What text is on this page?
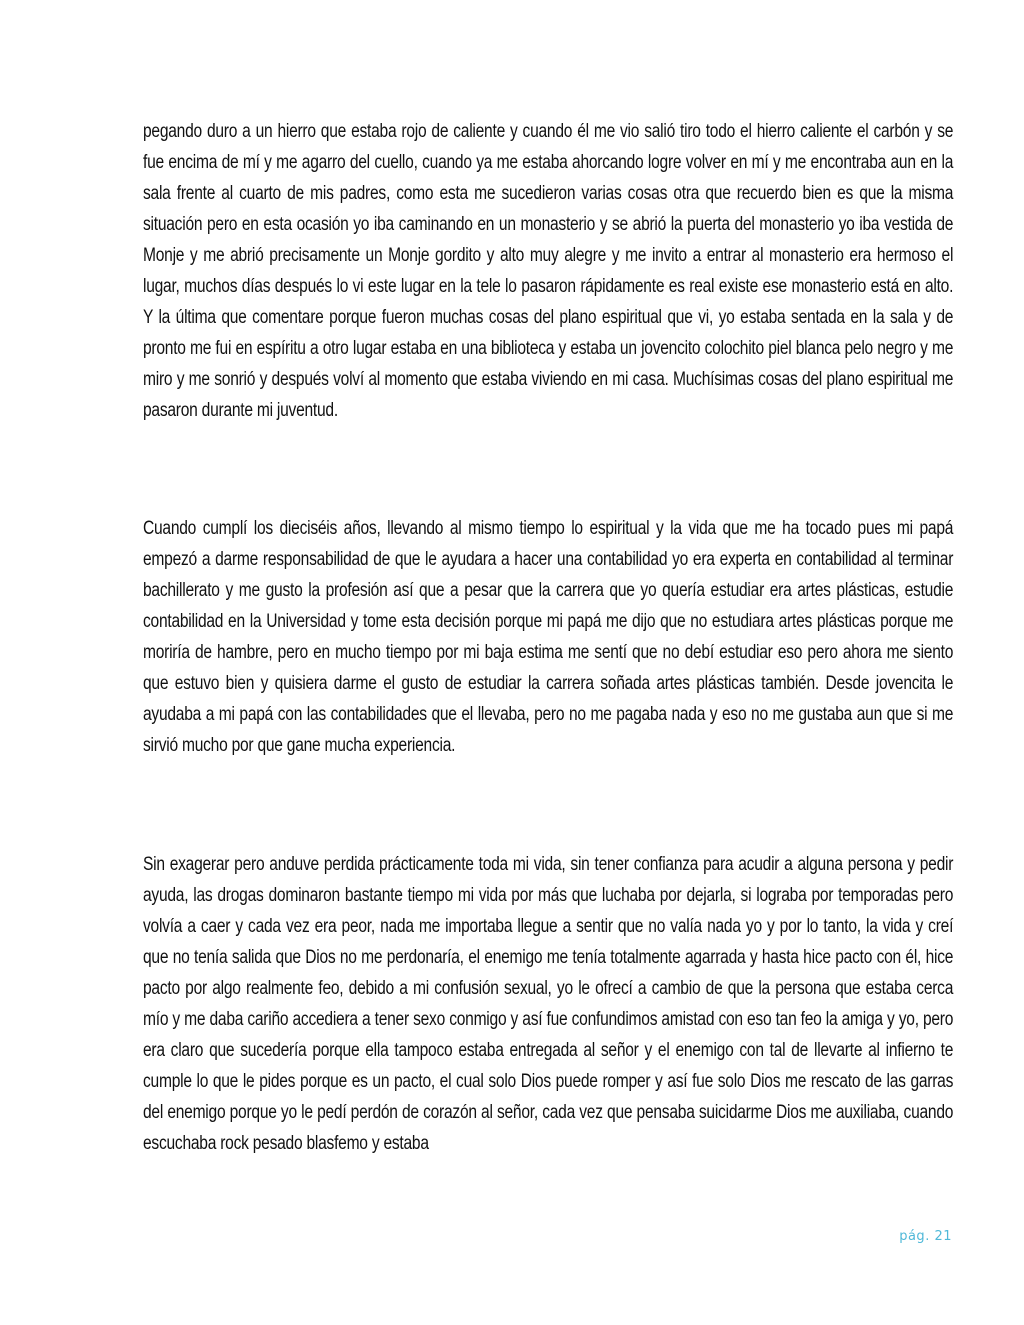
pegando duro a un hierro que estaba rojo de caliente y cuando él me vio salió tiro todo el hierro caliente el carbón y se fue encima de mí y me agarro del cuello, cuando ya me estaba ahorcando logre volver en mí y me encontraba aun en la sala frente al cuarto de mis padres, como esta me sucedieron varias cosas otra que recuerdo bien es que la misma situación pero en esta ocasión yo iba caminando en un monasterio y se abrió la puerta del monasterio yo iba vestida de Monje y me abrió precisamente un Monje gordito y alto muy alegre y me invito a entrar al monasterio era hermoso el lugar, muchos días después lo vi este lugar en la tele lo pasaron rápidamente es real existe ese monasterio está en alto. Y la última que comentare porque fueron muchas cosas del plano espiritual que vi, yo estaba sentada en la sala y de pronto me fui en espíritu a otro lugar estaba en una biblioteca y estaba un jovencito colochito piel blanca pelo negro y me miro y me sonrió y después volví al momento que estaba viviendo en mi casa. Muchísimas cosas del plano espiritual me pasaron durante mi juventud.

Cuando cumplí los dieciséis años, llevando al mismo tiempo lo espiritual y la vida que me ha tocado pues mi papá empezó a darme responsabilidad de que le ayudara a hacer una contabilidad yo era experta en contabilidad al terminar bachillerato y me gusto la profesión así que a pesar que la carrera que yo quería estudiar era artes plásticas, estudie contabilidad en la Universidad y tome esta decisión porque mi papá me dijo que no estudiara artes plásticas porque me moriría de hambre, pero en mucho tiempo por mi baja estima me sentí que no debí estudiar eso pero ahora me siento que estuvo bien y quisiera darme el gusto de estudiar la carrera soñada artes plásticas también. Desde jovencita le ayudaba a mi papá con las contabilidades que el llevaba, pero no me pagaba nada y eso no me gustaba aun que si me sirvió mucho por que gane mucha experiencia.

Sin exagerar pero anduve perdida prácticamente toda mi vida, sin tener confianza para acudir a alguna persona y pedir ayuda, las drogas dominaron bastante tiempo mi vida por más que luchaba por dejarla, si lograba por temporadas pero volvía a caer y cada vez era peor, nada me importaba llegue a sentir que no valía nada yo y por lo tanto, la vida y creí que no tenía salida que Dios no me perdonaría, el enemigo me tenía totalmente agarrada y hasta hice pacto con él, hice pacto por algo realmente feo, debido a mi confusión sexual, yo le ofrecí a cambio de que la persona que estaba cerca mío y me daba cariño accediera a tener sexo conmigo y así fue confundimos amistad con eso tan feo la amiga y yo, pero era claro que sucedería porque ella tampoco estaba entregada al señor y el enemigo con tal de llevarte al infierno te cumple lo que le pides porque es un pacto, el cual solo Dios puede romper y así fue solo Dios me rescato de las garras del enemigo porque yo le pedí perdón de corazón al señor, cada vez que pensaba suicidarme Dios me auxiliaba, cuando escuchaba rock pesado blasfemo y estaba

pág. 21
